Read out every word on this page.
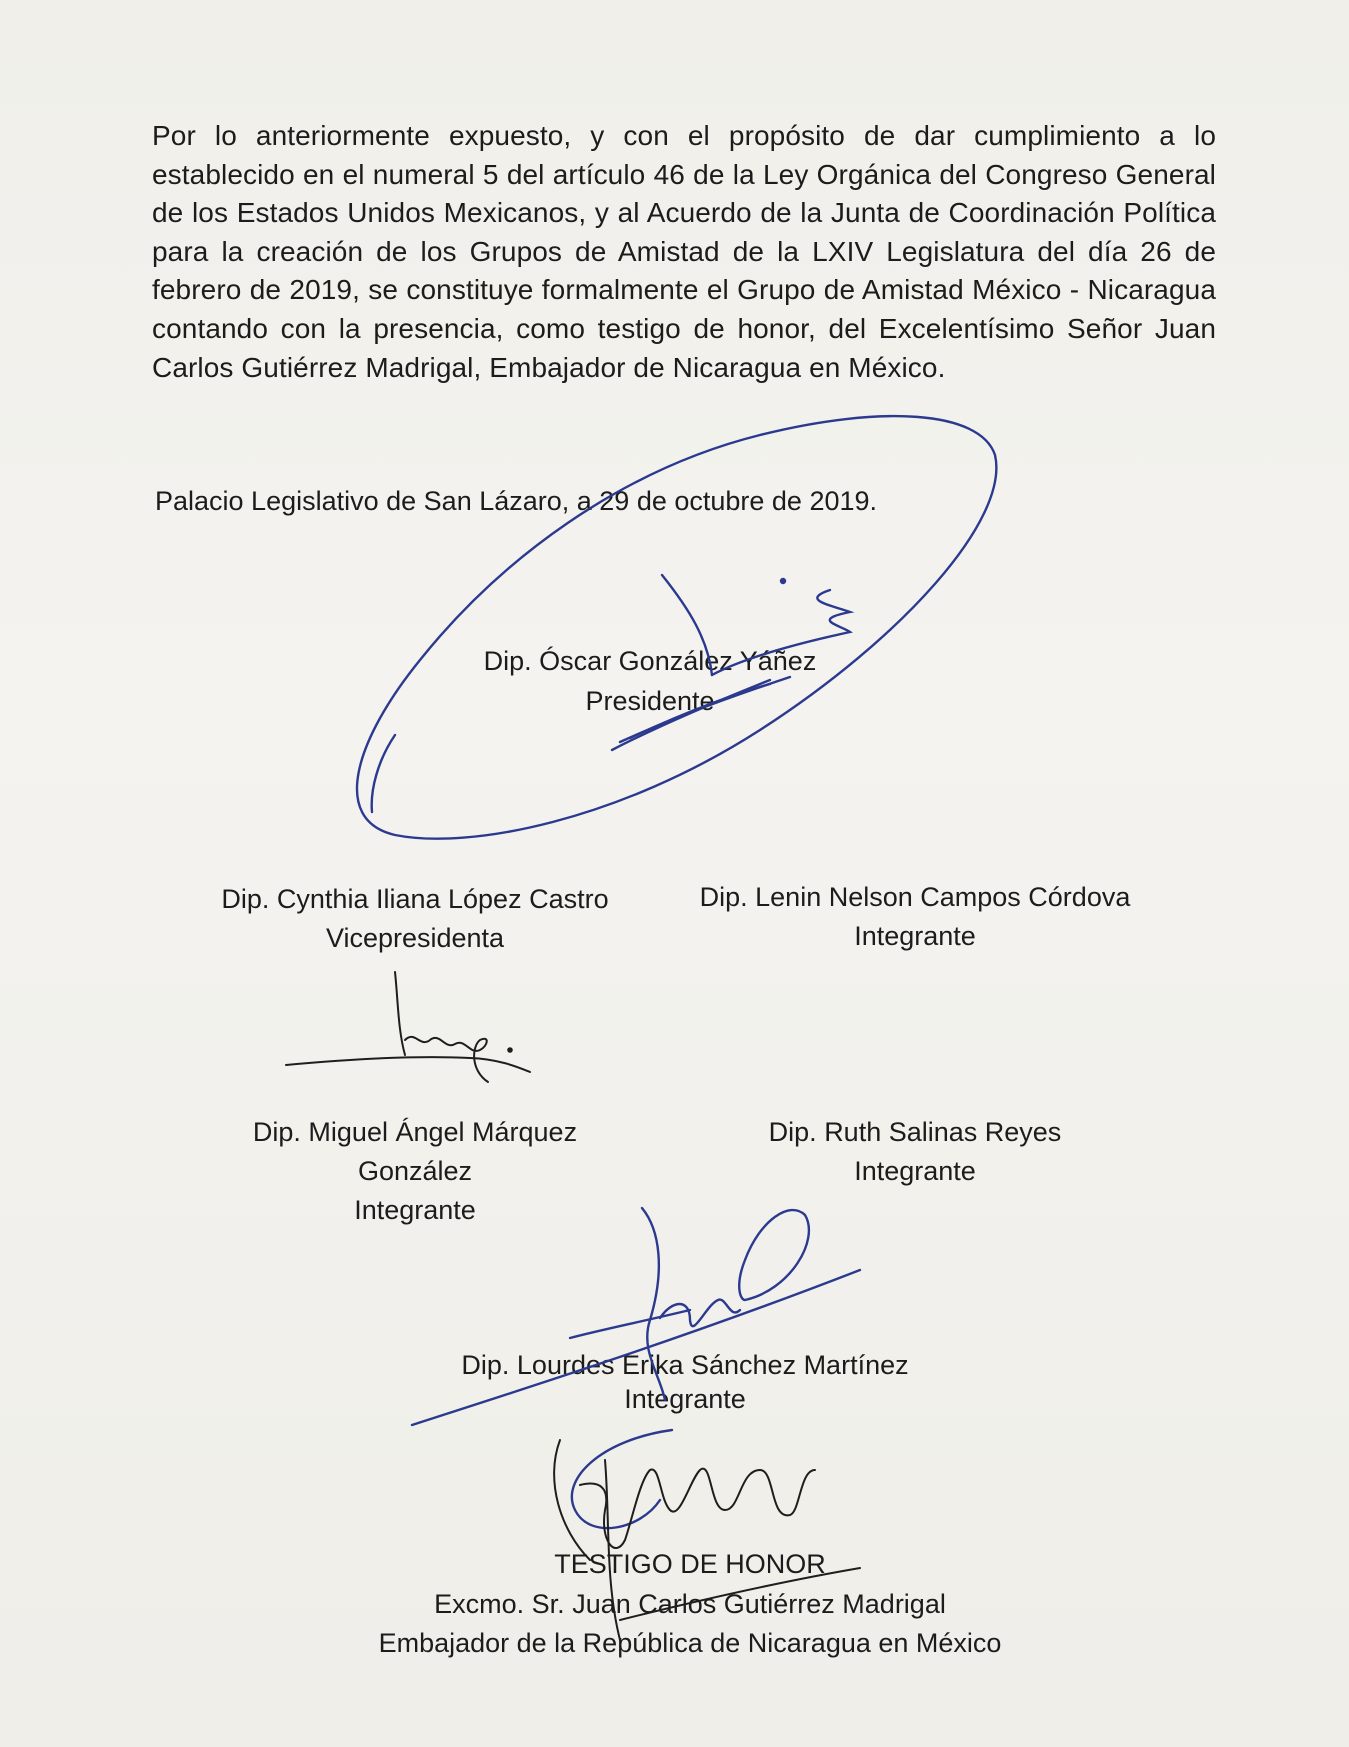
Por lo anteriormente expuesto, y con el propósito de dar cumplimiento a lo establecido en el numeral 5 del artículo 46 de la Ley Orgánica del Congreso General de los Estados Unidos Mexicanos, y al Acuerdo de la Junta de Coordinación Política para la creación de los Grupos de Amistad de la LXIV Legislatura del día 26 de febrero de 2019, se constituye formalmente el Grupo de Amistad México - Nicaragua contando con la presencia, como testigo de honor, del Excelentísimo Señor Juan Carlos Gutiérrez Madrigal, Embajador de Nicaragua en México.

Palacio Legislativo de San Lázaro, a 29 de octubre de 2019.
Dip. Óscar González Yáñez
Presidente
Dip. Cynthia Iliana López Castro
Vicepresidenta
Dip. Lenin Nelson Campos Córdova
Integrante
Dip. Miguel Ángel Márquez
González
Integrante
Dip. Ruth Salinas Reyes
Integrante
Dip. Lourdes Erika Sánchez Martínez
Integrante
TESTIGO DE HONOR
Excmo. Sr. Juan Carlos Gutiérrez Madrigal
Embajador de la República de Nicaragua en México
